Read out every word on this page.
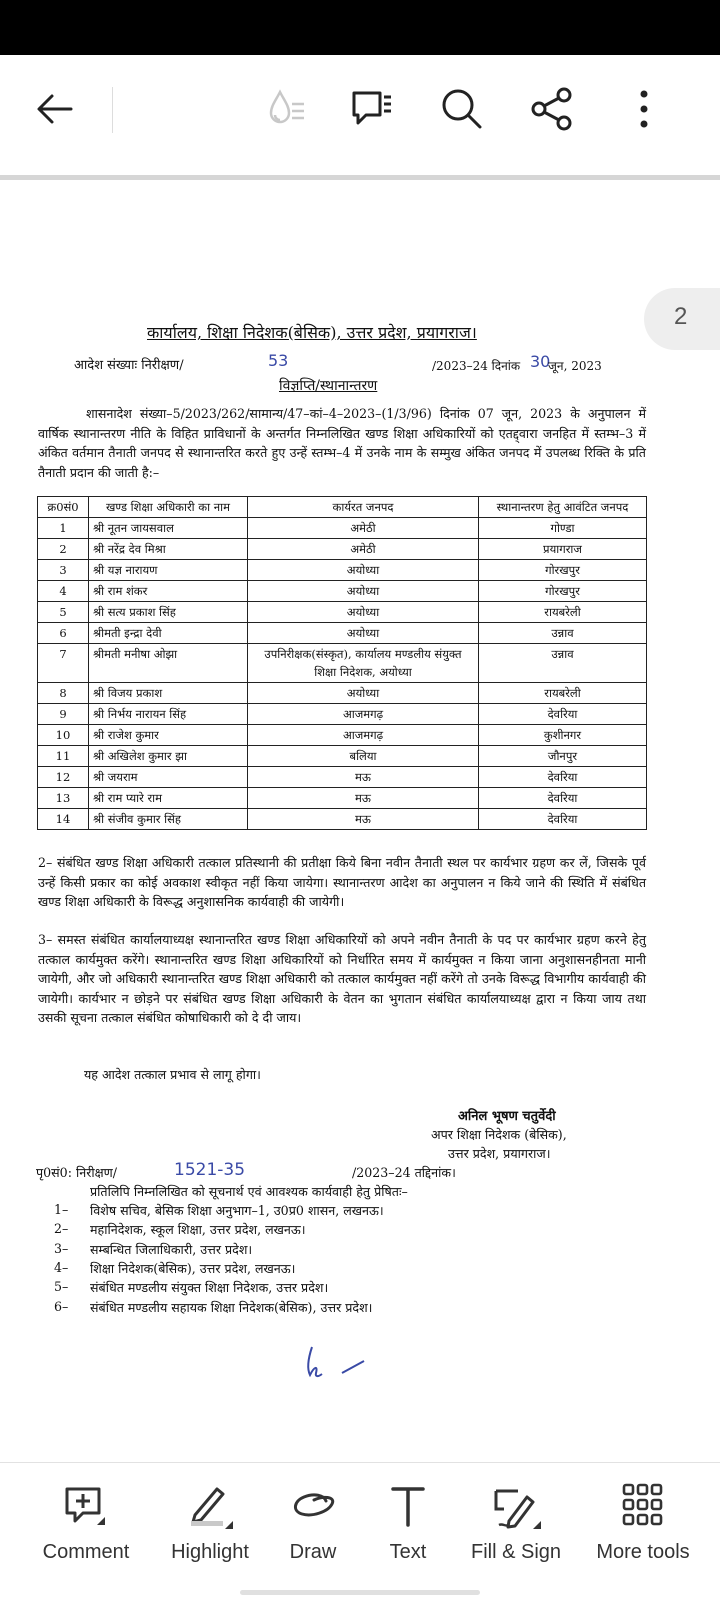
कार्यालय, शिक्षा निदेशक(बेसिक), उत्तर प्रदेश, प्रयागराज।
आदेश संख्याः निरीक्षण/	53	/2023–24 दिनांक 30
जून, 2023
विज्ञप्ति/स्थानान्तरण
शासनादेश संख्या–5/2023/262/सामान्य/47–कां–4–2023–(1/3/96) दिनांक 07 जून, 2023 के अनुपालन में वार्षिक स्थानान्तरण नीति के विहित प्राविधानों के अन्तर्गत निम्नलिखित खण्ड शिक्षा अधिकारियों को एतद्द्वारा जनहित में स्तम्भ–3 में अंकित वर्तमान तैनाती जनपद से स्थानान्तरित करते हुए उन्हें स्तम्भ–4 में उनके नाम के सम्मुख अंकित जनपद में उपलब्ध रिक्ति के प्रति तैनाती प्रदान की जाती है:–
क्र0सं0	खण्ड शिक्षा अधिकारी का नाम	कार्यरत जनपद	स्थानान्तरण हेतु आवंटित जनपद
1	श्री नूतन जायसवाल	अमेठी	गोण्डा
2	श्री नरेंद्र देव मिश्रा	अमेठी	प्रयागराज
3	श्री यज्ञ नारायण	अयोध्या	गोरखपुर
4	श्री राम शंकर	अयोध्या	गोरखपुर
5	श्री सत्य प्रकाश सिंह	अयोध्या	रायबरेली
6	श्रीमती इन्द्रा देवी	अयोध्या	उन्नाव
7	श्रीमती मनीषा ओझा	उपनिरीक्षक(संस्कृत), कार्यालय मण्डलीय संयुक्त शिक्षा निदेशक, अयोध्या	उन्नाव
8	श्री विजय प्रकाश	अयोध्या	रायबरेली
9	श्री निर्भय नारायन सिंह	आजमगढ़	देवरिया
10	श्री राजेश कुमार	आजमगढ़	कुशीनगर
11	श्री अखिलेश कुमार झा	बलिया	जौनपुर
12	श्री जयराम	मऊ	देवरिया
13	श्री राम प्यारे राम	मऊ	देवरिया
14	श्री संजीव कुमार सिंह	मऊ	देवरिया
2– संबंधित खण्ड शिक्षा अधिकारी तत्काल प्रतिस्थानी की प्रतीक्षा किये बिना नवीन तैनाती स्थल पर कार्यभार ग्रहण कर लें, जिसके पूर्व उन्हें किसी प्रकार का कोई अवकाश स्वीकृत नहीं किया जायेगा। स्थानान्तरण आदेश का अनुपालन न किये जाने की स्थिति में संबंधित खण्ड शिक्षा अधिकारी के विरूद्ध अनुशासनिक कार्यवाही की जायेगी।
3– समस्त संबंधित कार्यालयाध्यक्ष स्थानान्तरित खण्ड शिक्षा अधिकारियों को अपने नवीन तैनाती के पद पर कार्यभार ग्रहण करने हेतु तत्काल कार्यमुक्त करेंगे। स्थानान्तरित खण्ड शिक्षा अधिकारियों को निर्धारित समय में कार्यमुक्त न किया जाना अनुशासनहीनता मानी जायेगी, और जो अधिकारी स्थानान्तरित खण्ड शिक्षा अधिकारी को तत्काल कार्यमुक्त नहीं करेंगे तो उनके विरूद्ध विभागीय कार्यवाही की जायेगी। कार्यभार न छोड़ने पर संबंधित खण्ड शिक्षा अधिकारी के वेतन का भुगतान संबंधित कार्यालयाध्यक्ष द्वारा न किया जाय तथा उसकी सूचना तत्काल संबंधित कोषाधिकारी को दे दी जाय।
यह आदेश तत्काल प्रभाव से लागू होगा।
अनिल भूषण चतुर्वेदी
अपर शिक्षा निदेशक (बेसिक),
उत्तर प्रदेश, प्रयागराज।
पृ0सं0: निरीक्षण/	1521-35	/2023–24 तद्दिनांक।
प्रतिलिपि निम्नलिखित को सूचनार्थ एवं आवश्यक कार्यवाही हेतु प्रेषितः–
1– विशेष सचिव, बेसिक शिक्षा अनुभाग–1, उ0प्र0 शासन, लखनऊ।
2– महानिदेशक, स्कूल शिक्षा, उत्तर प्रदेश, लखनऊ।
3– सम्बन्धित जिलाधिकारी, उत्तर प्रदेश।
4– शिक्षा निदेशक(बेसिक), उत्तर प्रदेश, लखनऊ।
5– संबंधित मण्डलीय संयुक्त शिक्षा निदेशक, उत्तर प्रदेश।
6– संबंधित मण्डलीय सहायक शिक्षा निदेशक(बेसिक), उत्तर प्रदेश।
2
Comment	Highlight	Draw	Text	Fill & Sign	More tools
